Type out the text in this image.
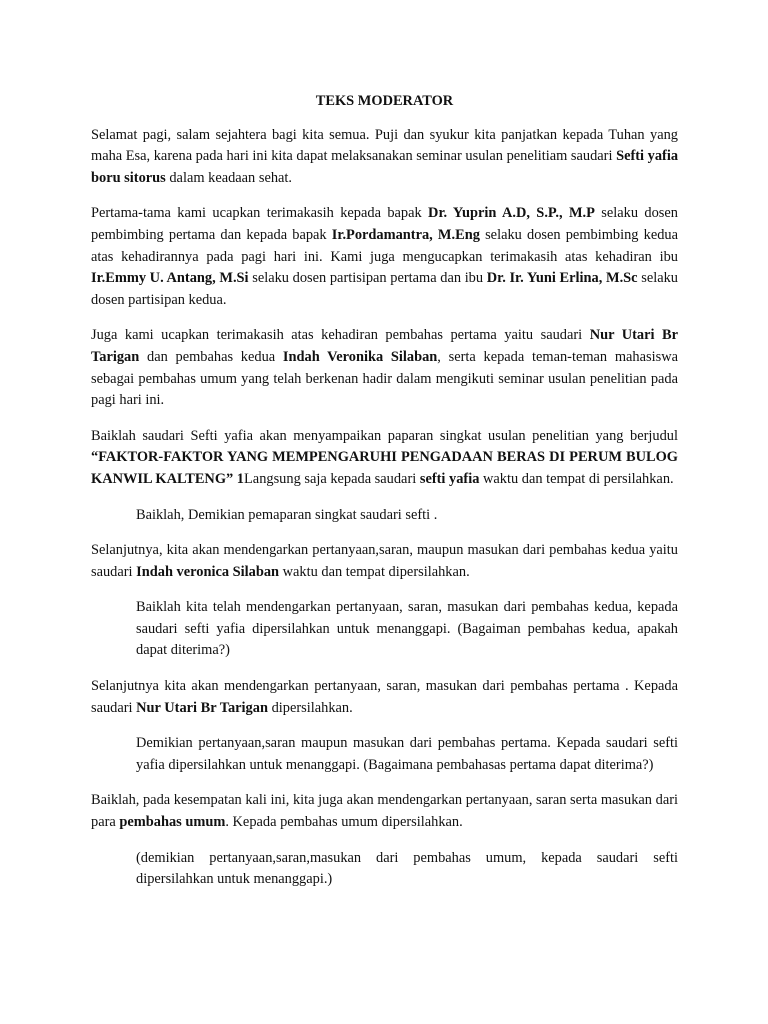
TEKS MODERATOR

Selamat pagi, salam sejahtera bagi kita semua. Puji dan syukur kita panjatkan kepada Tuhan yang maha Esa, karena pada hari ini kita dapat melaksanakan seminar usulan penelitiam saudari Sefti yafia boru sitorus dalam keadaan sehat.

Pertama-tama kami ucapkan terimakasih kepada bapak Dr. Yuprin A.D, S.P., M.P selaku dosen pembimbing pertama dan kepada bapak Ir.Pordamantra, M.Eng selaku dosen pembimbing kedua atas kehadirannya pada pagi hari ini. Kami juga mengucapkan terimakasih atas kehadiran ibu Ir.Emmy U. Antang, M.Si selaku dosen partisipan pertama dan ibu Dr. Ir. Yuni Erlina, M.Sc selaku dosen partisipan kedua.

Juga kami ucapkan terimakasih atas kehadiran pembahas pertama yaitu saudari Nur Utari Br Tarigan dan pembahas kedua Indah Veronika Silaban, serta kepada teman-teman mahasiswa sebagai pembahas umum yang telah berkenan hadir dalam mengikuti seminar usulan penelitian pada pagi hari ini.

Baiklah saudari Sefti yafia akan menyampaikan paparan singkat usulan penelitian yang berjudul “FAKTOR-FAKTOR YANG MEMPENGARUHI PENGADAAN BERAS DI PERUM BULOG KANWIL KALTENG” 1Langsung saja kepada saudari sefti yafia waktu dan tempat di persilahkan.

Baiklah, Demikian pemaparan singkat saudari sefti .

Selanjutnya, kita akan mendengarkan pertanyaan,saran, maupun masukan dari pembahas kedua yaitu saudari Indah veronica Silaban waktu dan tempat dipersilahkan.

Baiklah kita telah mendengarkan pertanyaan, saran, masukan dari pembahas kedua, kepada saudari sefti yafia dipersilahkan untuk menanggapi. (Bagaiman pembahas kedua, apakah dapat diterima?)

Selanjutnya kita akan mendengarkan pertanyaan, saran, masukan dari pembahas pertama . Kepada saudari Nur Utari Br Tarigan dipersilahkan.

Demikian pertanyaan,saran maupun masukan dari pembahas pertama. Kepada saudari sefti yafia dipersilahkan untuk menanggapi. (Bagaimana pembahasas pertama dapat diterima?)

Baiklah, pada kesempatan kali ini, kita juga akan mendengarkan pertanyaan, saran serta masukan dari para pembahas umum. Kepada pembahas umum dipersilahkan.

(demikian pertanyaan,saran,masukan dari pembahas umum, kepada saudari sefti dipersilahkan untuk menanggapi.)
